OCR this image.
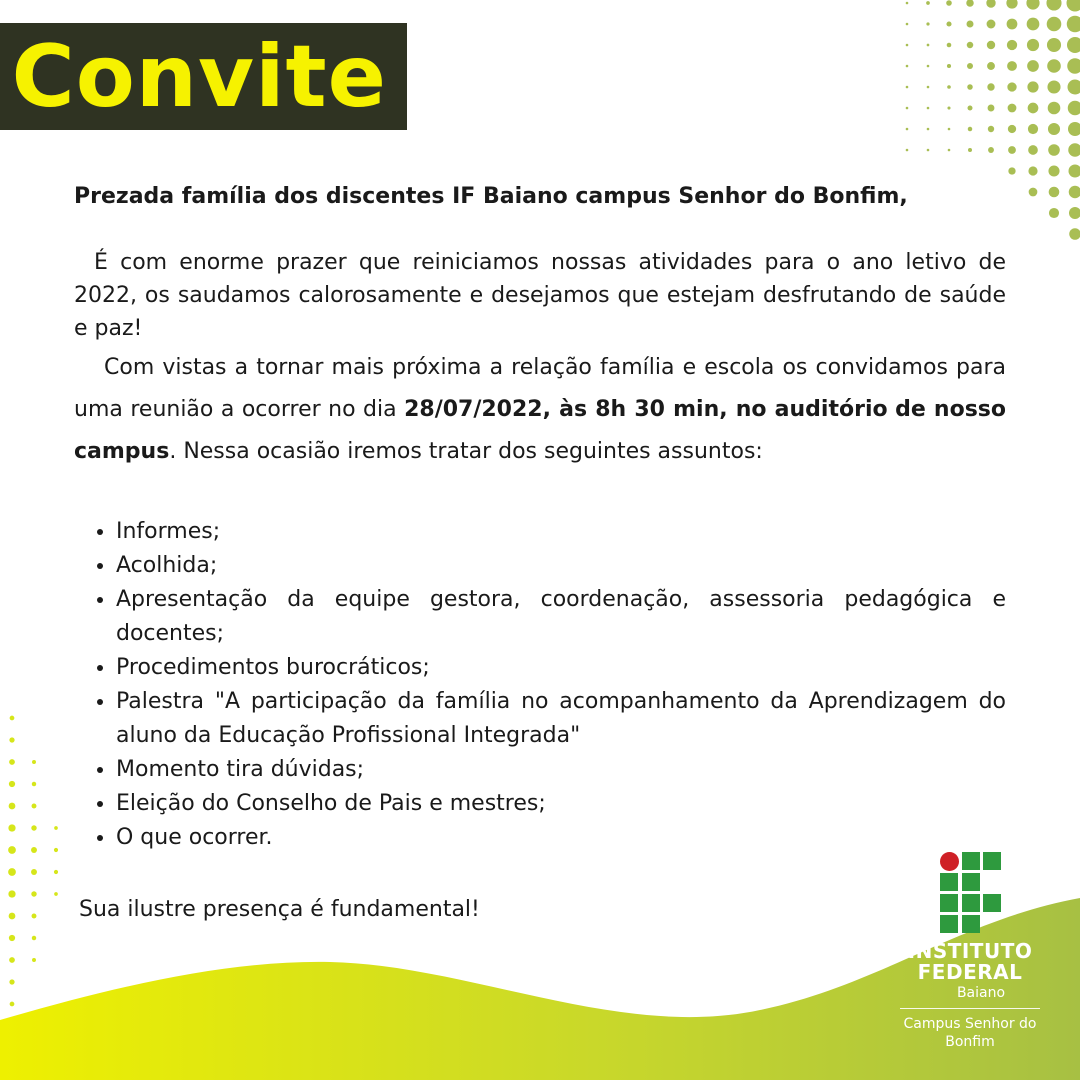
Convite

Prezada família dos discentes IF Baiano campus Senhor do Bonfim,

É com enorme prazer que reiniciamos nossas atividades para o ano letivo de 2022, os saudamos calorosamente e desejamos que estejam desfrutando de saúde e paz!

Com vistas a tornar mais próxima a relação família e escola os convidamos para uma reunião a ocorrer no dia 28/07/2022, às 8h 30 min, no auditório de nosso campus. Nessa ocasião iremos tratar dos seguintes assuntos:

• Informes;
• Acolhida;
• Apresentação da equipe gestora, coordenação, assessoria pedagógica e docentes;
• Procedimentos burocráticos;
• Palestra "A participação da família no acompanhamento da Aprendizagem do aluno da Educação Profissional Integrada"
• Momento tira dúvidas;
• Eleição do Conselho de Pais e mestres;
• O que ocorrer.

Sua ilustre presença é fundamental!

INSTITUTO
FEDERAL
Baiano
Campus Senhor do Bonfim
